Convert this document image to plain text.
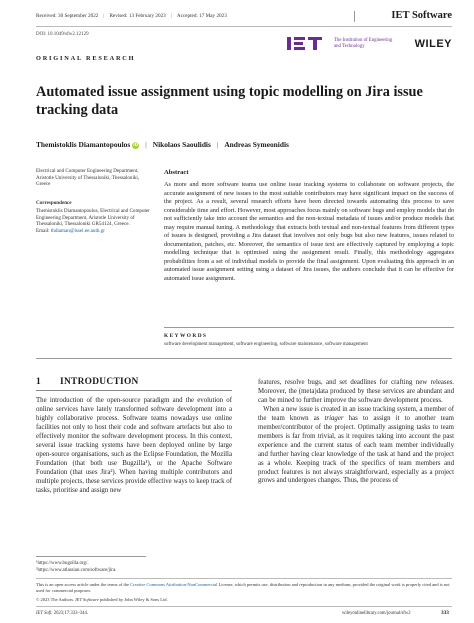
Received: 30 September 2022 | Revised: 13 February 2023 | Accepted: 17 May 2023	IET Software
DOI: 10.1049/sfw2.12129
The Institution of Engineering and Technology	WILEY
ORIGINAL RESEARCH
Automated issue assignment using topic modelling on Jira issue tracking data
Themistoklis Diamantopoulos iD | Nikolaos Saoulidis | Andreas Symeonidis
Electrical and Computer Engineering Department, Aristotle University of Thessaloniki, Thessaloniki, Greece
Correspondence
Themistoklis Diamantopoulos, Electrical and Computer Engineering Department, Aristotle University of Thessaloniki, Thessaloniki GR54124, Greece.
Email: thdiaman@issel.ee.auth.gr
Abstract
As more and more software teams use online issue tracking systems to collaborate on software projects, the accurate assignment of new issues to the most suitable contributors may have significant impact on the success of the project. As a result, several research efforts have been directed towards automating this process to save considerable time and effort. However, most approaches focus mainly on software bugs and employ models that do not sufficiently take into account the semantics and the non-textual metadata of issues and/or produce models that may require manual tuning. A methodology that extracts both textual and non-textual features from different types of issues is designed, providing a Jira dataset that involves not only bugs but also new features, issues related to documentation, patches, etc. Moreover, the semantics of issue text are effectively captured by employing a topic modelling technique that is optimised using the assignment result. Finally, this methodology aggregates probabilities from a set of individual models to provide the final assignment. Upon evaluating this approach in an automated issue assignment setting using a dataset of Jira issues, the authors conclude that it can be effective for automated issue assignment.
KEYWORDS
software development management, software engineering, software maintenance, software management
1 INTRODUCTION
The introduction of the open-source paradigm and the evolution of online services have lately transformed software development into a highly collaborative process. Software teams nowadays use online facilities not only to host their code and software artefacts but also to effectively monitor the software development process. In this context, several issue tracking systems have been deployed online by large open-source organisations, such as the Eclipse Foundation, the Mozilla Foundation (that both use Bugzilla¹), or the Apache Software Foundation (that uses Jira²). When having multiple contributors and multiple projects, these services provide effective ways to keep track of tasks, prioritise and assign new
features, resolve bugs, and set deadlines for crafting new releases. Moreover, the (meta)data produced by these services are abundant and can be mined to further improve the software development process.
When a new issue is created in an issue tracking system, a member of the team known as triager has to assign it to another team member/contributor of the project. Optimally assigning tasks to team members is far from trivial, as it requires taking into account the past experience and the current status of each team member individually and further having clear knowledge of the task at hand and the project as a whole. Keeping track of the specifics of team members and product features is not always straightforward, especially as a project grows and undergoes changes. Thus, the process of
¹https://www.bugzilla.org/.
²https://www.atlassian.com/software/jira.
This is an open access article under the terms of the Creative Commons Attribution-NonCommercial License, which permits use, distribution and reproduction in any medium, provided the original work is properly cited and is not used for commercial purposes.
© 2023 The Authors. IET Software published by John Wiley & Sons Ltd.
IET Soft. 2023;17:333–344.	wileyonlinelibrary.com/journal/sfw2	333
